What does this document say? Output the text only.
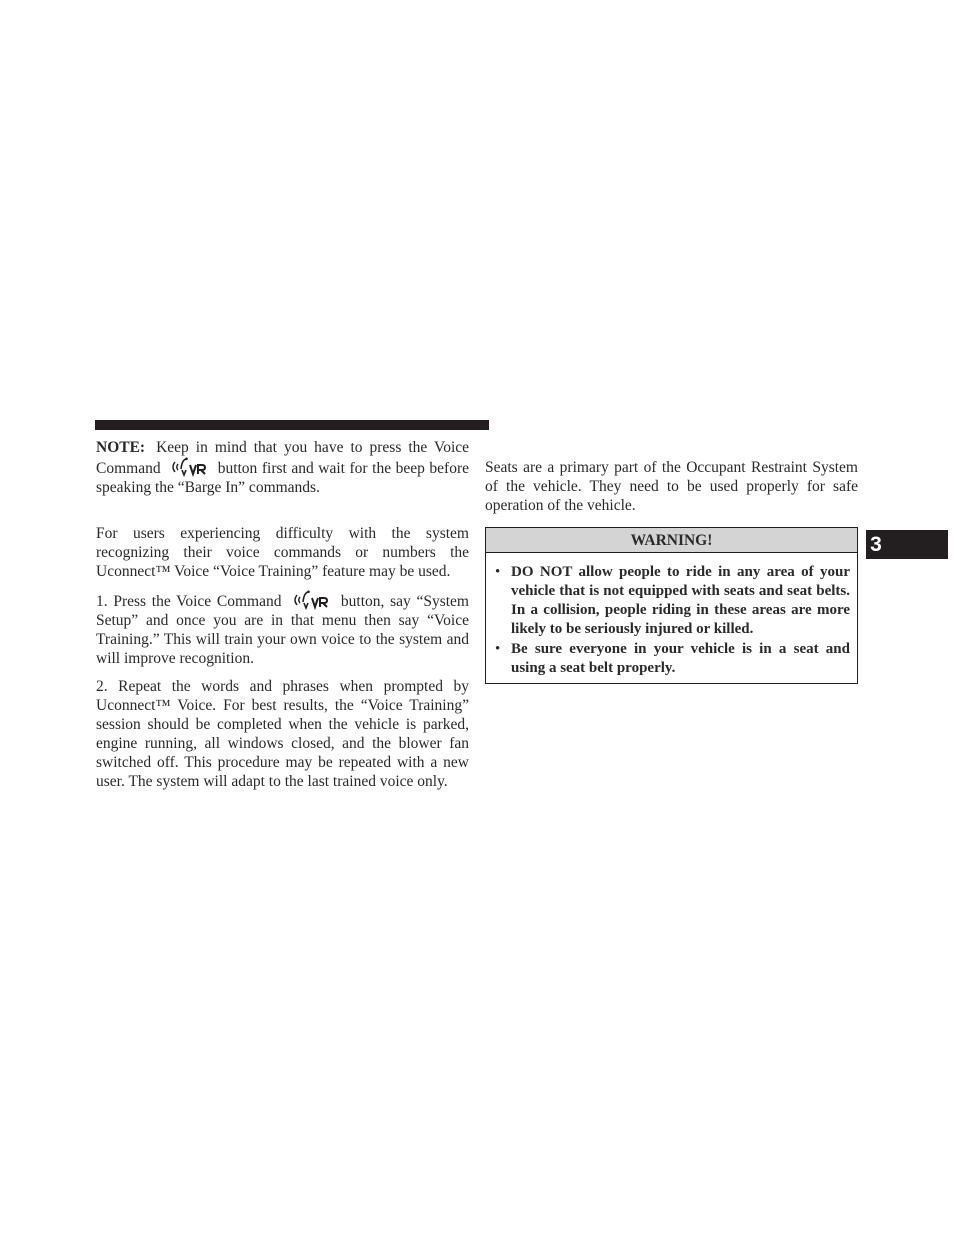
NOTE: Keep in mind that you have to press the Voice Command	button first and wait for the beep before speaking the “Barge In” commands.

For users experiencing difficulty with the system recognizing their voice commands or numbers the Uconnect™ Voice “Voice Training” feature may be used.

1. Press the Voice Command	button, say “System Setup” and once you are in that menu then say “Voice Training.” This will train your own voice to the system and will improve recognition.

2. Repeat the words and phrases when prompted by Uconnect™ Voice. For best results, the “Voice Training” session should be completed when the vehicle is parked, engine running, all windows closed, and the blower fan switched off. This procedure may be repeated with a new user. The system will adapt to the last trained voice only.

Seats are a primary part of the Occupant Restraint System of the vehicle. They need to be used properly for safe operation of the vehicle.

WARNING!
• DO NOT allow people to ride in any area of your vehicle that is not equipped with seats and seat belts. In a collision, people riding in these areas are more likely to be seriously injured or killed.
• Be sure everyone in your vehicle is in a seat and using a seat belt properly.
3
